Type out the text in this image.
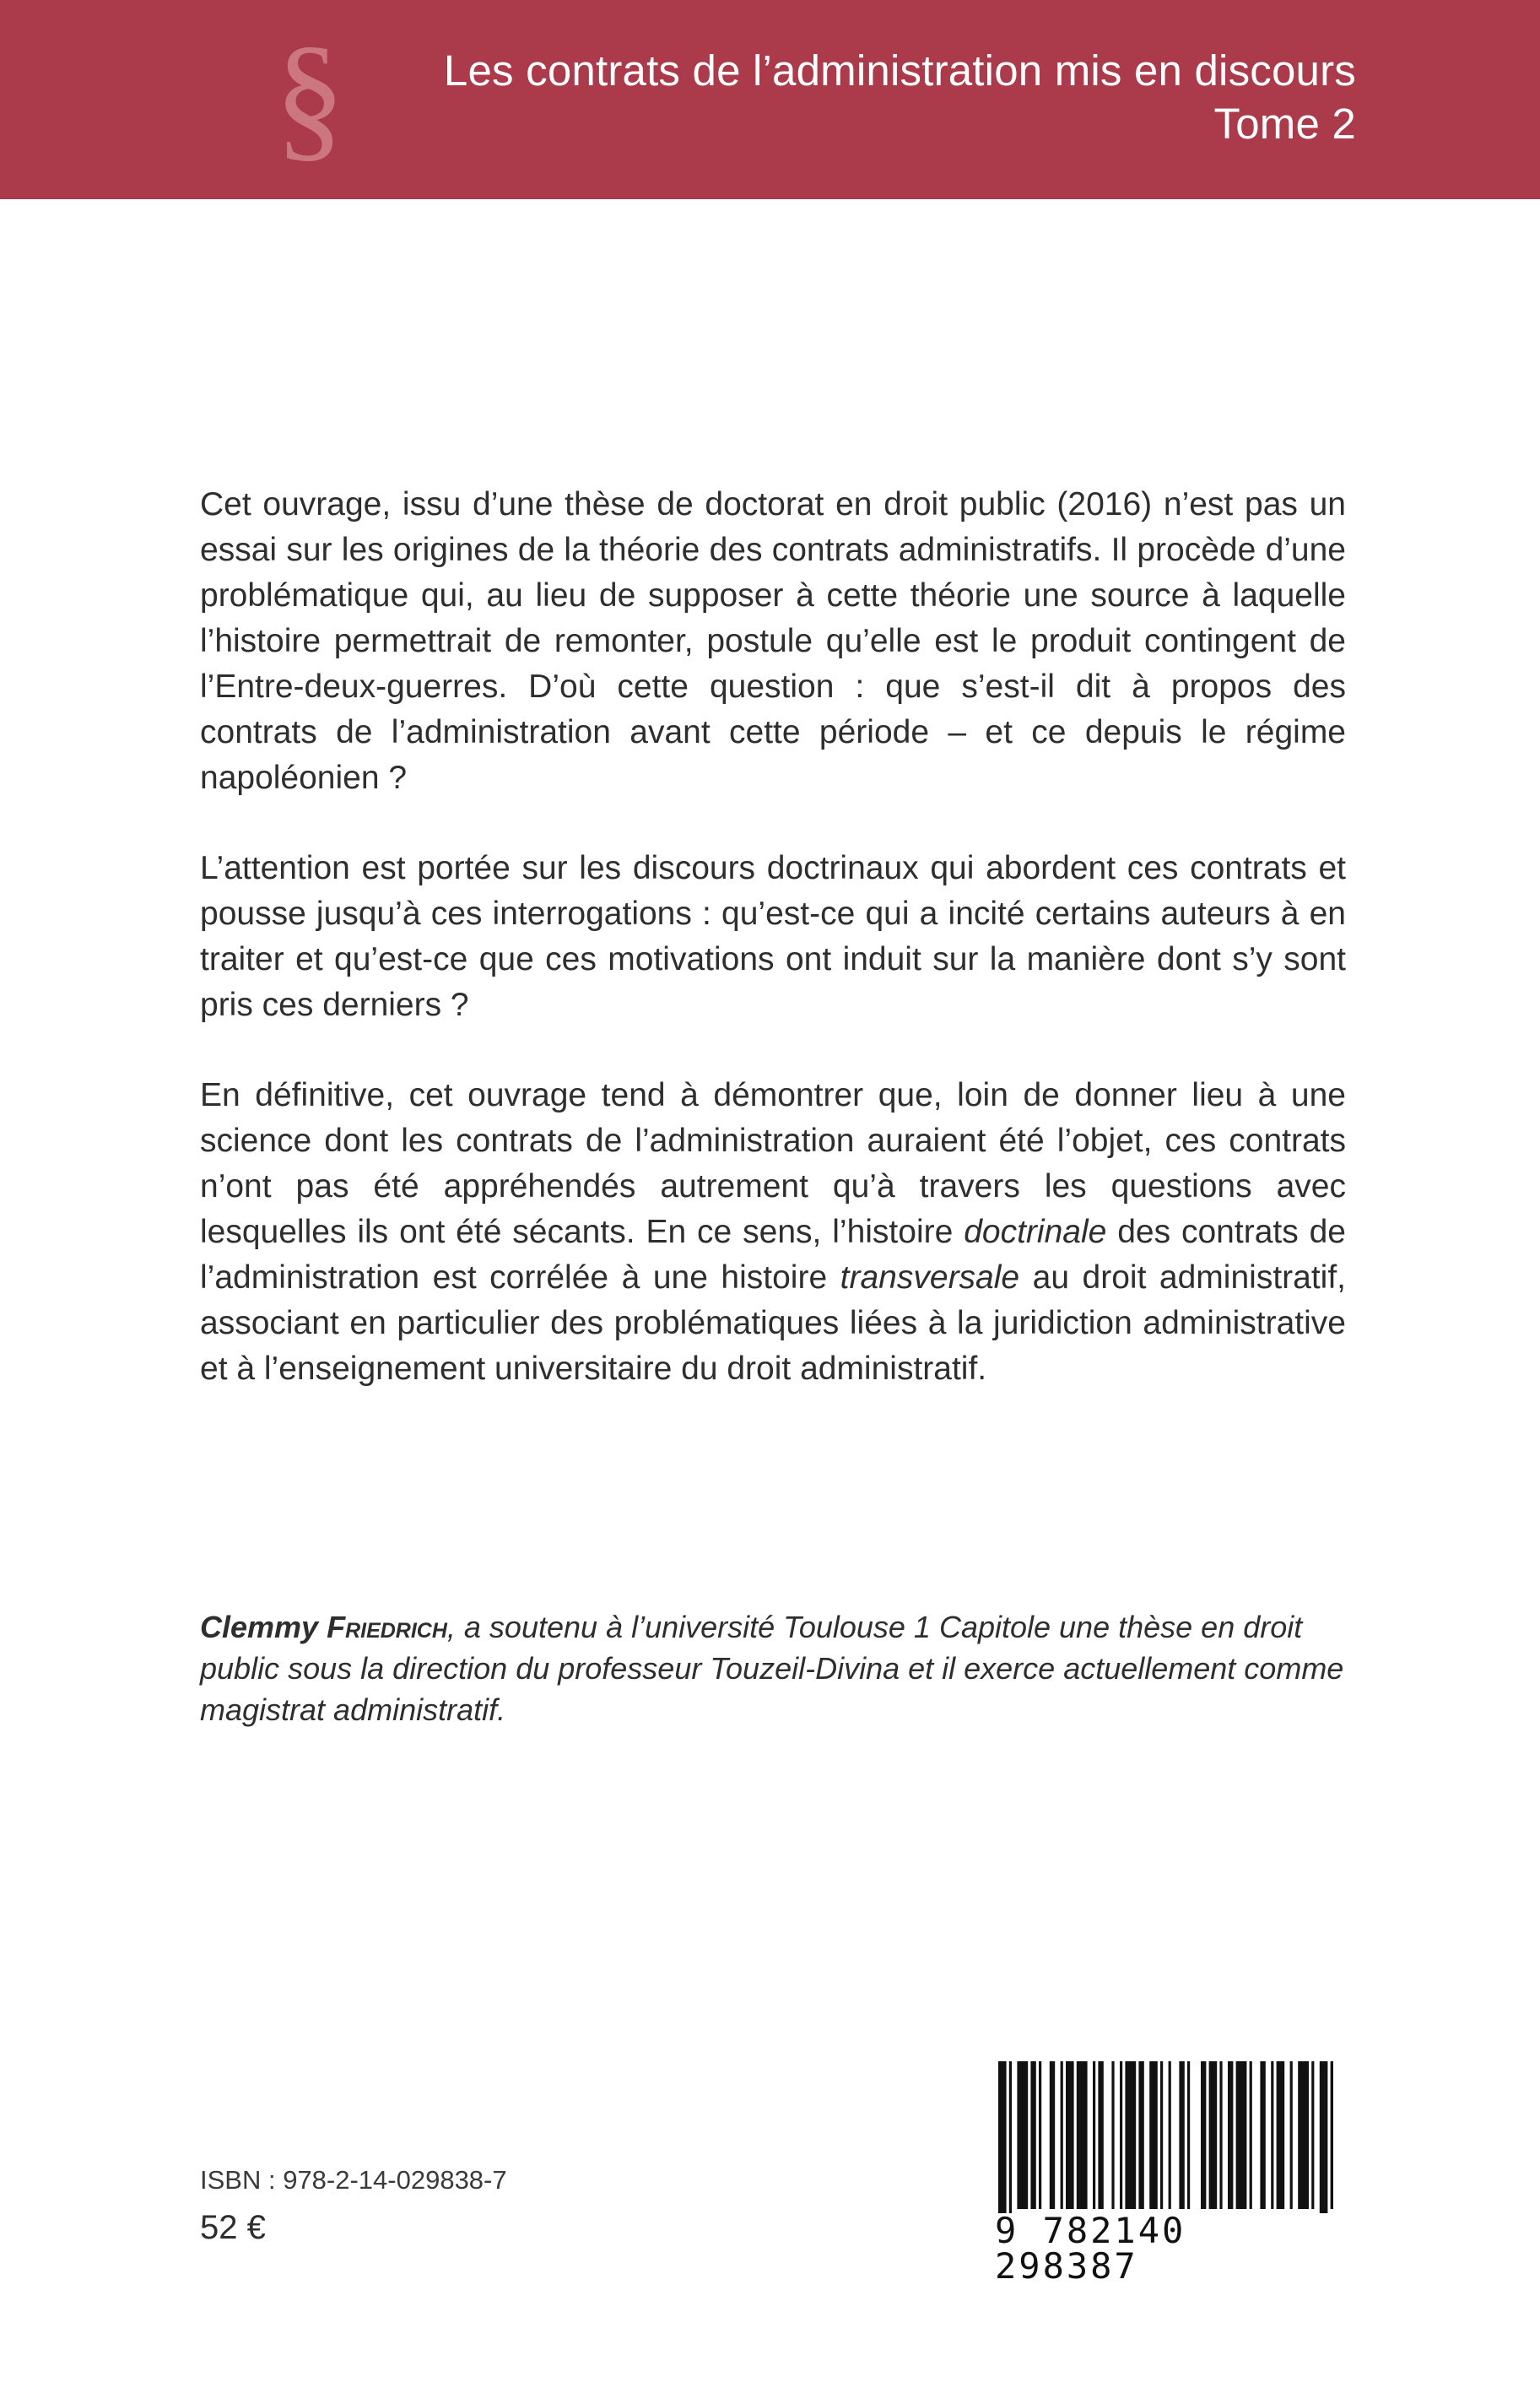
§ Les contrats de l’administration mis en discours
Tome 2

Cet ouvrage, issu d’une thèse de doctorat en droit public (2016) n’est pas un essai sur les origines de la théorie des contrats administratifs. Il procède d’une problématique qui, au lieu de supposer à cette théorie une source à laquelle l’histoire permettrait de remonter, postule qu’elle est le produit contingent de l’Entre-deux-guerres. D’où cette question : que s’est-il dit à propos des contrats de l’administration avant cette période – et ce depuis le régime napoléonien ?

L’attention est portée sur les discours doctrinaux qui abordent ces contrats et pousse jusqu’à ces interrogations : qu’est-ce qui a incité certains auteurs à en traiter et qu’est-ce que ces motivations ont induit sur la manière dont s’y sont pris ces derniers ?

En définitive, cet ouvrage tend à démontrer que, loin de donner lieu à une science dont les contrats de l’administration auraient été l’objet, ces contrats n’ont pas été appréhendés autrement qu’à travers les questions avec lesquelles ils ont été sécants. En ce sens, l’histoire doctrinale des contrats de l’administration est corrélée à une histoire transversale au droit administratif, associant en particulier des problématiques liées à la juridiction administrative et à l’enseignement universitaire du droit administratif.

Clemmy Friedrich, a soutenu à l’université Toulouse 1 Capitole une thèse en droit public sous la direction du professeur Touzeil-Divina et il exerce actuellement comme magistrat administratif.
ISBN : 978-2-14-029838-7
52 €	9 782140 298387
